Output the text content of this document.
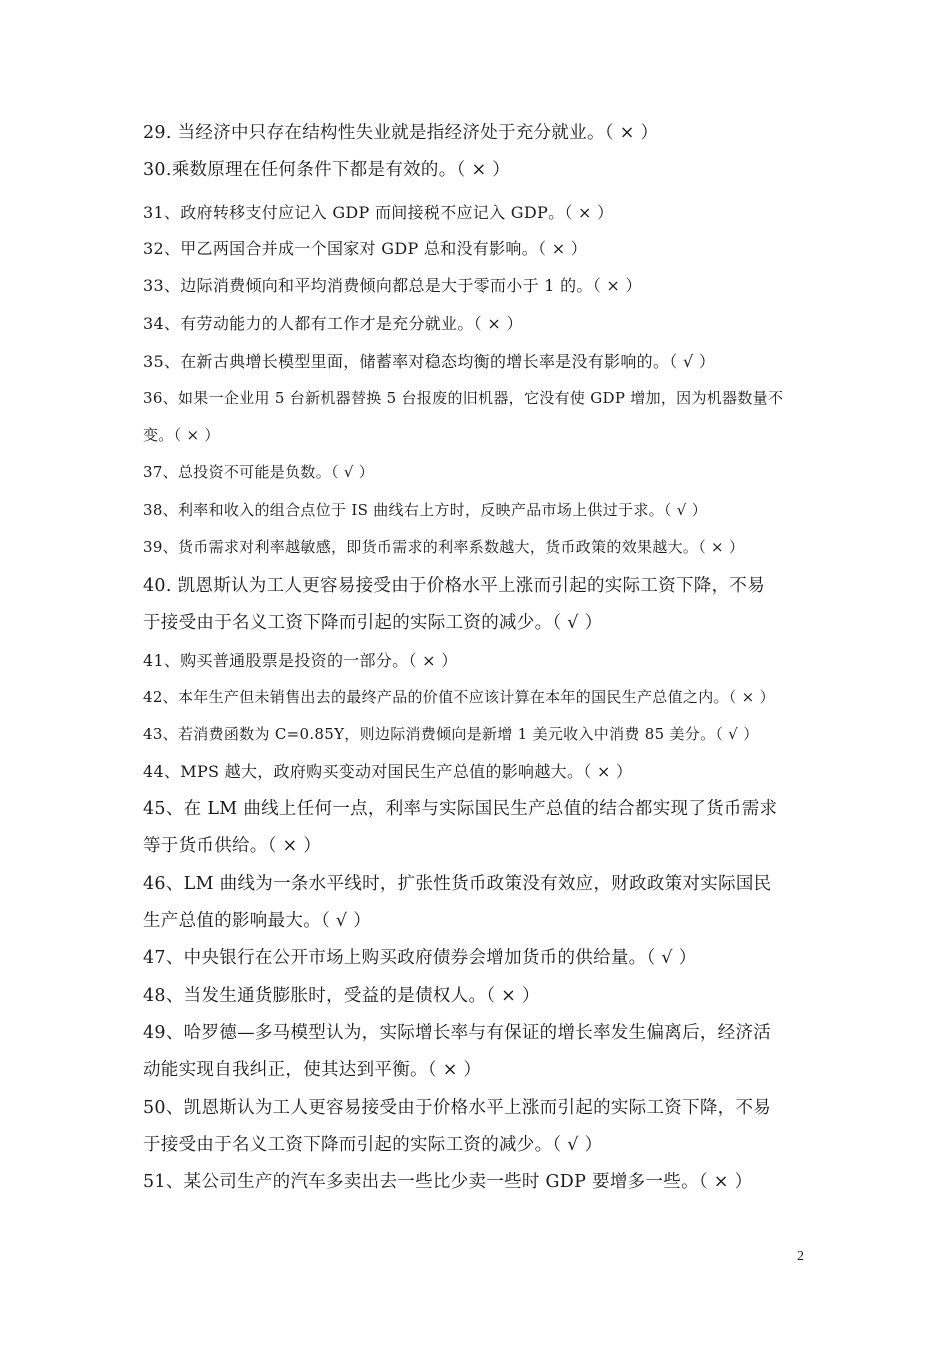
29. 当经济中只存在结构性失业就是指经济处于充分就业。（ × ）
30.乘数原理在任何条件下都是有效的。（ × ）
31、政府转移支付应记入 GDP 而间接税不应记入 GDP。（ × ）
32、甲乙两国合并成一个国家对 GDP 总和没有影响。（ × ）
33、边际消费倾向和平均消费倾向都总是大于零而小于 1 的。（ × ）
34、有劳动能力的人都有工作才是充分就业。（ × ）
35、在新古典增长模型里面，储蓄率对稳态均衡的增长率是没有影响的。（ √ ）
36、如果一企业用 5 台新机器替换 5 台报废的旧机器，它没有使 GDP 增加，因为机器数量不
变。（ × ）
37、总投资不可能是负数。（ √ ）
38、利率和收入的组合点位于 IS 曲线右上方时，反映产品市场上供过于求。（ √ ）
39、货币需求对利率越敏感，即货币需求的利率系数越大，货币政策的效果越大。（ × ）
40. 凯恩斯认为工人更容易接受由于价格水平上涨而引起的实际工资下降，不易
于接受由于名义工资下降而引起的实际工资的减少。（ √ ）
41、购买普通股票是投资的一部分。（ × ）
42、本年生产但未销售出去的最终产品的价值不应该计算在本年的国民生产总值之内。（ × ）
43、若消费函数为 C=0.85Y，则边际消费倾向是新增 1 美元收入中消费 85 美分。（ √ ）
44、MPS 越大，政府购买变动对国民生产总值的影响越大。（ × ）
45、在 LM 曲线上任何一点，利率与实际国民生产总值的结合都实现了货币需求
等于货币供给。（ × ）
46、LM 曲线为一条水平线时，扩张性货币政策没有效应，财政政策对实际国民
生产总值的影响最大。（ √ ）
47、中央银行在公开市场上购买政府债券会增加货币的供给量。（ √ ）
48、当发生通货膨胀时，受益的是债权人。（ × ）
49、哈罗德—多马模型认为，实际增长率与有保证的增长率发生偏离后，经济活
动能实现自我纠正，使其达到平衡。（ × ）
50、凯恩斯认为工人更容易接受由于价格水平上涨而引起的实际工资下降，不易
于接受由于名义工资下降而引起的实际工资的减少。（ √ ）
51、某公司生产的汽车多卖出去一些比少卖一些时 GDP 要增多一些。（ × ）
2
